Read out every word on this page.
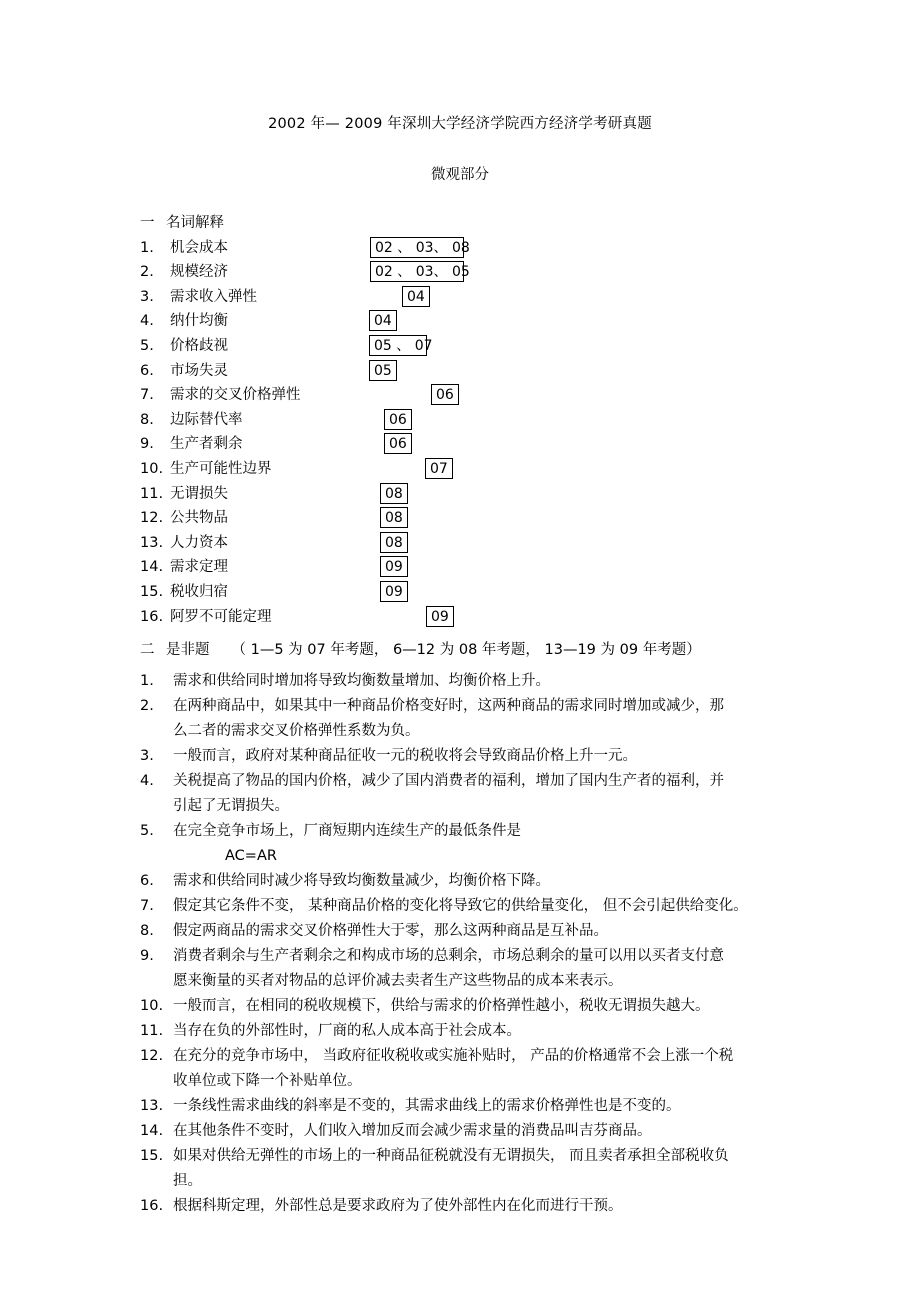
2002 年— 2009 年深圳大学经济学院西方经济学考研真题
微观部分
一 名词解释
1. 机会成本	02 、 03、 08
2. 规模经济	02 、 03、 05
3. 需求收入弹性	04
4. 纳什均衡	04
5. 价格歧视	05 、 07
6. 市场失灵	05
7. 需求的交叉价格弹性	06
8. 边际替代率	06
9. 生产者剩余	06
10. 生产可能性边界	07
11. 无谓损失	08
12. 公共物品	08
13. 人力资本	08
14. 需求定理	09
15. 税收归宿	09
16. 阿罗不可能定理	09
二 是非题 （ 1—5 为 07 年考题， 6—12 为 08 年考题， 13—19 为 09 年考题）
1. 需求和供给同时增加将导致均衡数量增加、均衡价格上升。
2. 在两种商品中，如果其中一种商品价格变好时，这两种商品的需求同时增加或减少，那
么二者的需求交叉价格弹性系数为负。
3. 一般而言，政府对某种商品征收一元的税收将会导致商品价格上升一元。
4. 关税提高了物品的国内价格，减少了国内消费者的福利，增加了国内生产者的福利，并
引起了无谓损失。
5. 在完全竞争市场上，厂商短期内连续生产的最低条件是
AC=AR
6. 需求和供给同时减少将导致均衡数量减少，均衡价格下降。
7. 假定其它条件不变， 某种商品价格的变化将导致它的供给量变化， 但不会引起供给变化。
8. 假定两商品的需求交叉价格弹性大于零，那么这两种商品是互补品。
9. 消费者剩余与生产者剩余之和构成市场的总剩余，市场总剩余的量可以用以买者支付意
愿来衡量的买者对物品的总评价减去卖者生产这些物品的成本来表示。
10. 一般而言，在相同的税收规模下，供给与需求的价格弹性越小，税收无谓损失越大。
11. 当存在负的外部性时，厂商的私人成本高于社会成本。
12. 在充分的竞争市场中， 当政府征收税收或实施补贴时， 产品的价格通常不会上涨一个税
收单位或下降一个补贴单位。
13. 一条线性需求曲线的斜率是不变的，其需求曲线上的需求价格弹性也是不变的。
14. 在其他条件不变时，人们收入增加反而会减少需求量的消费品叫吉芬商品。
15. 如果对供给无弹性的市场上的一种商品征税就没有无谓损失， 而且卖者承担全部税收负
担。
16. 根据科斯定理，外部性总是要求政府为了使外部性内在化而进行干预。
